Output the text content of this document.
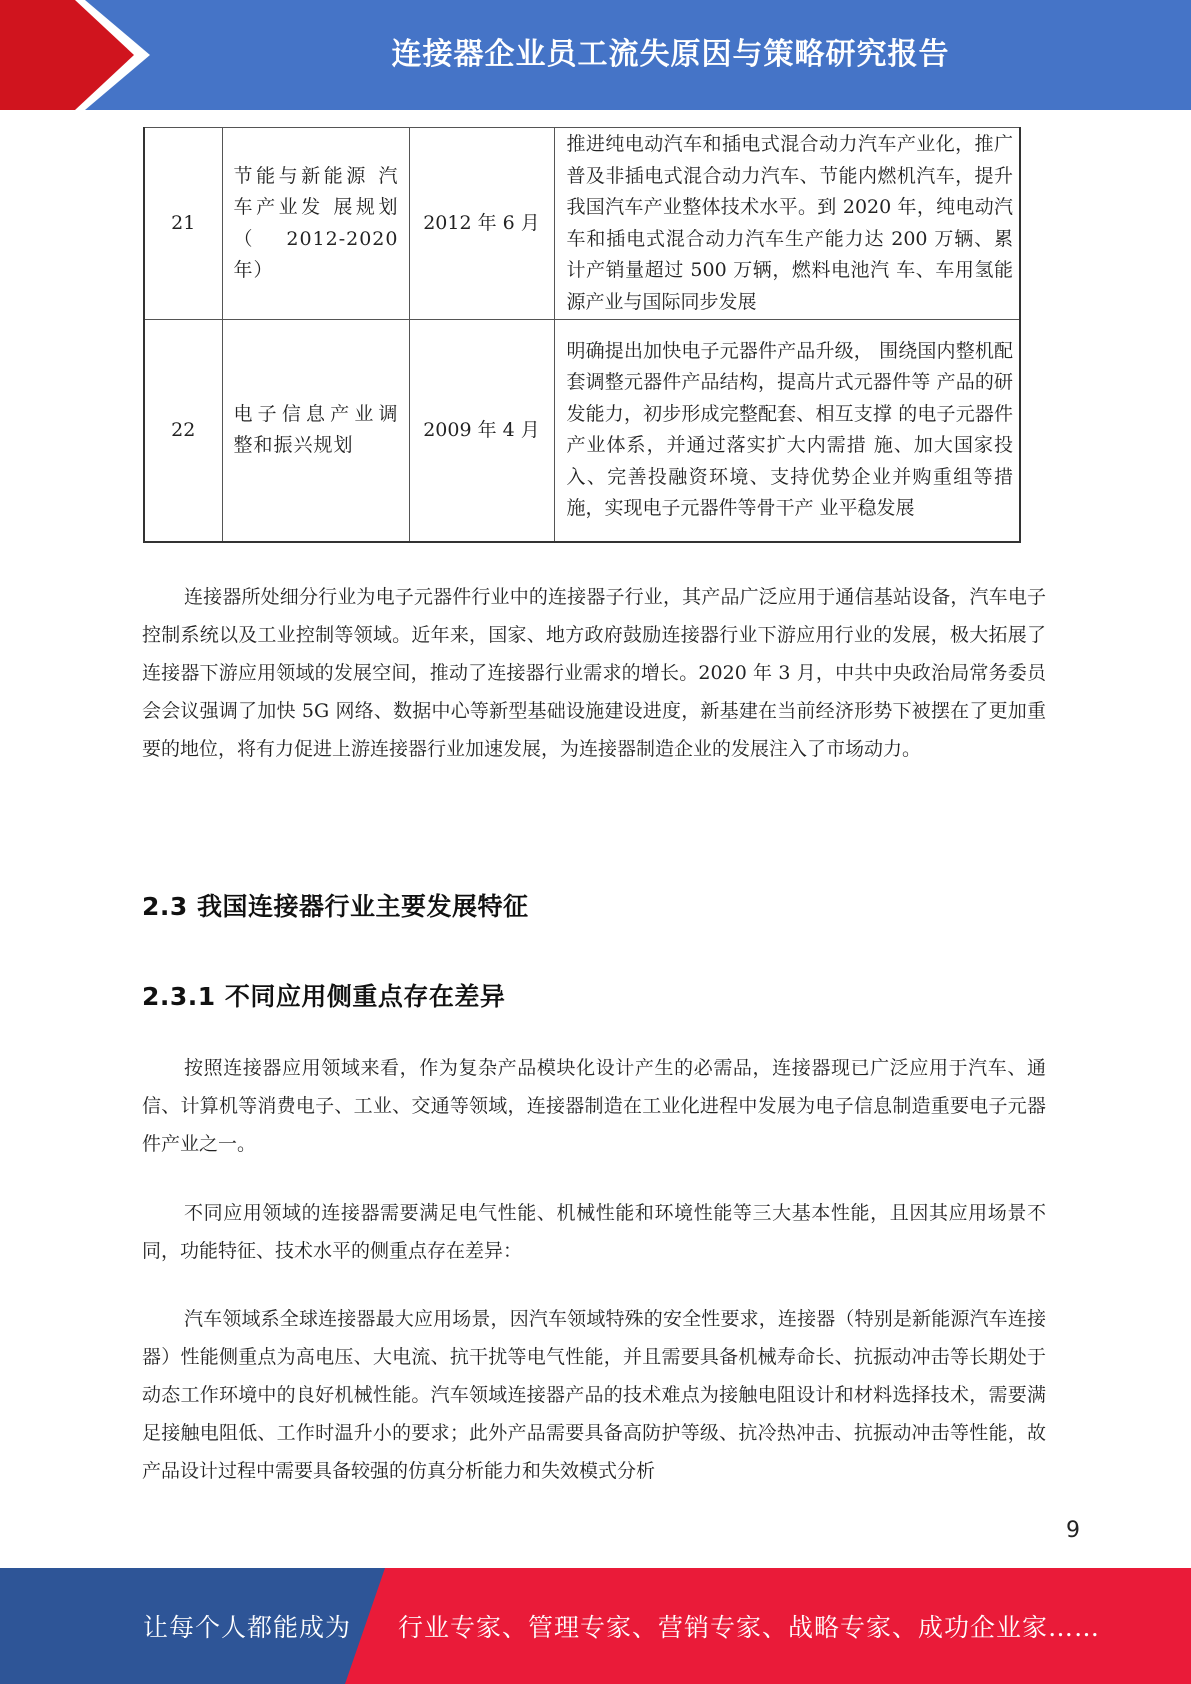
连接器企业员工流失原因与策略研究报告
21	节能与新能源 汽 车产业发 展规划 （2012-2020 年）	2012 年 6 月	推进纯电动汽车和插电式混合动力汽车产业化，推广普及非插电式混合动力汽车、节能内燃机汽车，提升我国汽车产业整体技术水平。到 2020 年，纯电动汽车和插电式混合动力汽车生产能力达 200 万辆、累计产销量超过 500 万辆，燃料电池汽 车、车用氢能源产业与国际同步发展
22	电子信息产业调 整和振兴规划	2009 年 4 月	明确提出加快电子元器件产品升级， 围绕国内整机配套调整元器件产品结构，提高片式元器件等 产品的研发能力，初步形成完整配套、相互支撑 的电子元器件产业体系，并通过落实扩大内需措 施、加大国家投入、完善投融资环境、支持优势企业并购重组等措施，实现电子元器件等骨干产 业平稳发展

连接器所处细分行业为电子元器件行业中的连接器子行业，其产品广泛应用于通信基站设备，汽车电子控制系统以及工业控制等领域。近年来，国家、地方政府鼓励连接器行业下游应用行业的发展，极大拓展了连接器下游应用领域的发展空间，推动了连接器行业需求的增长。2020 年 3 月，中共中央政治局常务委员会会议强调了加快 5G 网络、数据中心等新型基础设施建设进度，新基建在当前经济形势下被摆在了更加重要的地位，将有力促进上游连接器行业加速发展，为连接器制造企业的发展注入了市场动力。

2.3 我国连接器行业主要发展特征
2.3.1 不同应用侧重点存在差异

按照连接器应用领域来看，作为复杂产品模块化设计产生的必需品，连接器现已广泛应用于汽车、通信、计算机等消费电子、工业、交通等领域，连接器制造在工业化进程中发展为电子信息制造重要电子元器件产业之一。

不同应用领域的连接器需要满足电气性能、机械性能和环境性能等三大基本性能，且因其应用场景不同，功能特征、技术水平的侧重点存在差异：

汽车领域系全球连接器最大应用场景，因汽车领域特殊的安全性要求，连接器（特别是新能源汽车连接器）性能侧重点为高电压、大电流、抗干扰等电气性能，并且需要具备机械寿命长、抗振动冲击等长期处于动态工作环境中的良好机械性能。汽车领域连接器产品的技术难点为接触电阻设计和材料选择技术，需要满足接触电阻低、工作时温升小的要求；此外产品需要具备高防护等级、抗冷热冲击、抗振动冲击等性能，故产品设计过程中需要具备较强的仿真分析能力和失效模式分析

9
让每个人都能成为 行业专家、管理专家、营销专家、战略专家、成功企业家……
